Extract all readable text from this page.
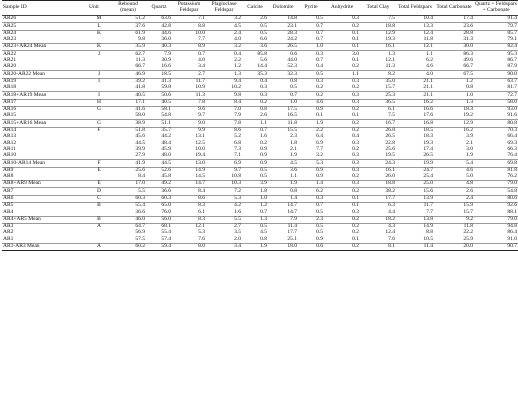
Sample ID	Unit	Rebound (mean)	Quartz	Potassium Feldspar	Plagioclase Feldspar	Calcite	Dolomite	Pyrite	Anhydrite	Total Clay	Total Feldspars	Total Carbonate	Quartz + Feldspars + Carbonate
AR26	M	51.2	63.6	7.1	3.2	2.6	14.8	0.5	0.3	7.5	10.4	17.4	91.4
AR25	L	37.6	42.8	8.8	4.5	0.5	23.1	0.7	0.2	18.8	13.3	23.6	79.7
AR24	K	61.9	44.6	10.0	2.4	0.5	28.3	0.7	0.1	12.9	12.4	28.8	85.7
AR23		9.8	36.0	7.7	4.0	6.6	24.2	0.7	0.1	19.3	11.8	31.3	79.1
AR23+AR24 Mean	K	35.9	40.3	8.9	3.2	3.6	26.5	1.0	0.1	16.1	12.1	30.0	82.4
AR22	J	62.7	7.9	0.7	0.4	85.8	0.6	0.3	3.0	1.3	1.1	86.3	95.3
AR21		11.3	30.9	4.0	2.2	5.6	44.0	0.7	0.1	12.1	6.2	49.6	86.7
AR20		66.7	16.6	3.4	1.2	14.4	52.3	0.4	0.2	11.3	4.6	66.7	87.9
AR20-AR22 Mean	J	46.9	18.5	2.7	1.3	35.3	32.3	0.5	1.1	8.2	4.0	67.5	90.0
AR19	I	39.2	41.3	11.7	9.4	0.4	0.8	0.3	0.3	35.0	21.1	1.2	63.7
AR18		41.8	59.8	10.9	10.2	0.3	0.5	0.2	0.2	15.7	21.1	0.8	81.7
AR18+AR19 Mean	I	40.5	50.6	11.3	9.8	0.3	0.7	0.2	0.3	25.3	21.1	1.0	72.7
AR17	H	17.1	40.5	7.8	8.4	0.2	1.0	4.6	0.3	36.5	16.2	1.3	58.0
AR16	G	41.6	58.1	9.6	7.0	0.8	17.5	0.9	0.2	6.1	16.6	18.3	93.0
AR15		58.0	54.8	9.7	7.9	2.6	16.5	0.1	0.1	7.5	17.6	19.2	91.6
AR15+AR16 Mean	G	38.9	51.1	9.0	7.8	1.1	11.8	1.9	0.2	16.7	16.8	12.9	80.8
AR14	F	51.8	35.7	9.9	8.6	0.7	15.5	2.2	0.2	26.8	18.5	16.2	70.3
AR13		45.6	44.2	13.1	5.2	1.6	2.3	6.4	0.4	26.5	18.3	3.9	66.4
AR12		44.5	48.4	12.5	6.8	0.2	1.8	6.9	0.3	22.8	19.3	2.1	69.3
AR11		39.9	45.9	10.0	7.3	0.9	2.1	7.7	0.2	25.6	17.4	3.0	66.3
AR10		27.9	48.0	19.4	7.1	0.9	1.9	3.2	0.3	19.5	26.5	1.9	76.4
AR10-AR14 Mean	F	41.9	44.5	13.0	6.9	0.9	4.5	5.3	0.3	24.3	19.9	5.4	69.8
AR9	E	25.6	52.6	14.9	9.7	0.5	3.6	0.9	0.3	16.1	24.7	4.6	81.8
AR8		8.4	45.8	14.5	10.8	0.5	1.1	0.9	0.2	26.0	25.4	5.0	76.2
AR8+AR9 Mean	E	17.0	49.2	14.7	10.3	3.9	1.9	1.4	0.3	18.8	25.0	4.8	79.0
AR7	D	5.5	36.6	8.4	7.2	1.8	0.8	6.2	0.2	38.2	15.6	2.6	54.8
AR6	C	60.3	60.3	8.6	5.3	1.0	1.4	0.3	0.1	17.7	13.9	2.4	80.6
AR5	B	55.4	65.0	8.3	4.2	1.2	14.7	0.7	0.1	6.3	11.7	15.9	92.6
AR4		36.6	76.0	6.1	1.6	0.7	14.7	0.5	0.3	4.4	7.7	15.7	88.1
AR4+AR5 Mean	B	46.0	56.0	8.3	5.5	1.3	7.9	2.3	0.2	18.2	13.8	9.2	79.0
AR3	A	64.7	68.1	12.1	2.7	0.5	11.4	0.5	0.2	4.3	14.9	11.8	94.8
AR2		56.9	55.4	5.3	3.5	4.5	17.7	0.5	0.2	12.4	8.8	22.2	86.4
AR1		57.5	57.4	7.6	2.0	0.8	25.1	0.9	0.1	7.6	10.5	25.9	91.0
AR1-AR3 Mean	A	60.2	59.4	8.0	3.4	1.9	18.0	0.6	0.2	8.1	11.4	20.0	90.7
